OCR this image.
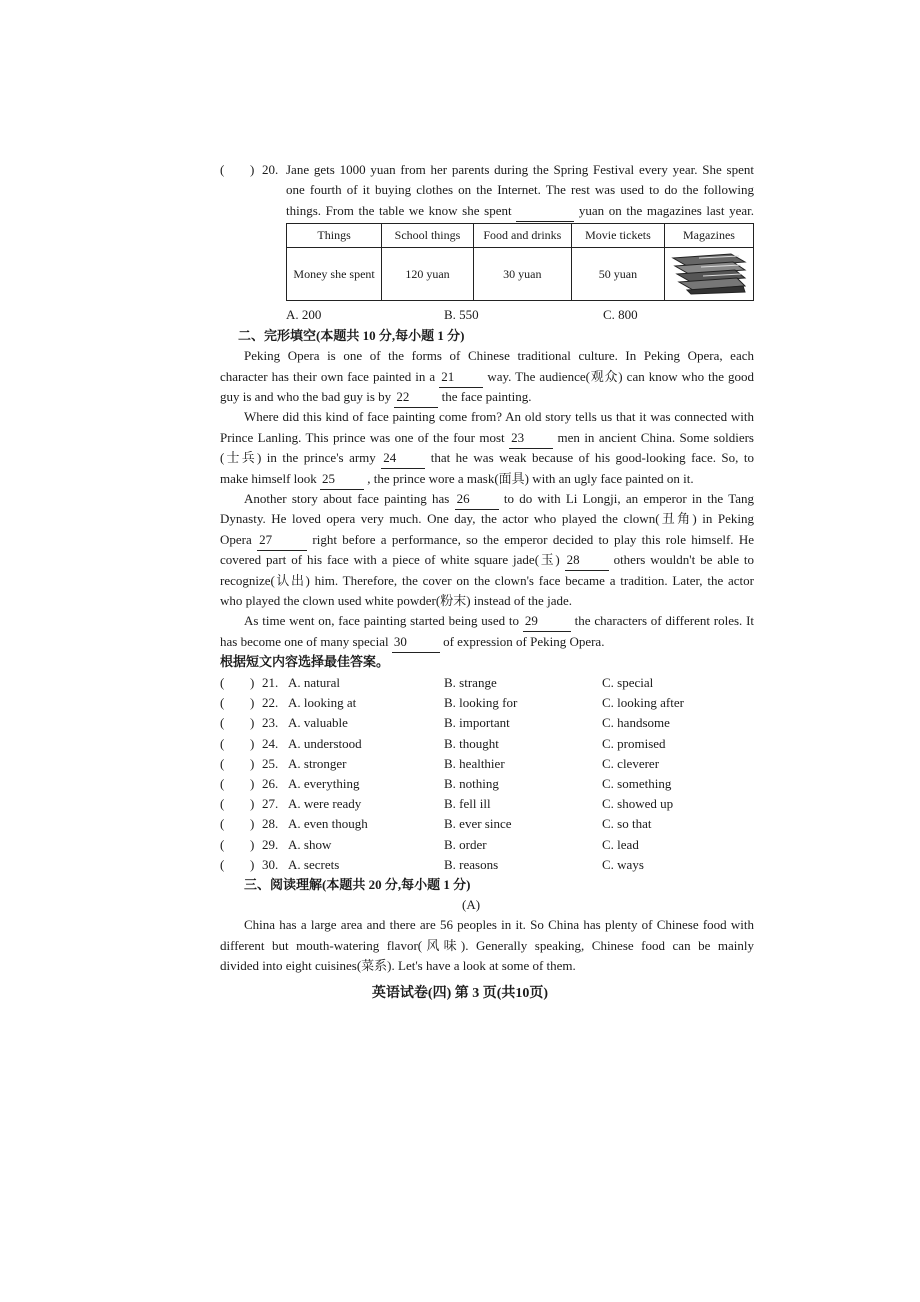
( ) 20. Jane gets 1000 yuan from her parents during the Spring Festival every year. She spent
one fourth of it buying clothes on the Internet. The rest was used to do the following
things. From the table we know she spent	yuan on the magazines last year.
Things	School things	Food and drinks	Movie tickets	Magazines
Money she spent	120 yuan	30 yuan	50 yuan	
A. 200	B. 550	C. 800
二、完形填空(本题共 10 分,每小题 1 分)
Peking Opera is one of the forms of Chinese traditional culture. In Peking Opera, each
character has their own face painted in a 21	way. The audience(观众) can know who the good
guy is and who the bad guy is by 22 the face painting.
Where did this kind of face painting come from? An old story tells us that it was connected with
Prince Lanling. This prince was one of the four most 23	men in ancient China. Some soldiers
(士兵) in the prince's army 24	that he was weak because of his good-looking face. So, to
make himself look 25 , the prince wore a mask(面具) with an ugly face painted on it.
Another story about face painting has 26	to do with Li Longji, an emperor in the Tang
Dynasty. He loved opera very much. One day, the actor who played the clown(丑角) in Peking
Opera 27	right before a performance, so the emperor decided to play this role himself. He
covered part of his face with a piece of white square jade(玉) 28	others wouldn't be able to
recognize(认出) him. Therefore, the cover on the clown's face became a tradition. Later, the actor
who played the clown used white powder(粉末) instead of the jade.
As time went on, face painting started being used to 29	the characters of different roles. It
has become one of many special 30	of expression of Peking Opera.
根据短文内容选择最佳答案。
( ) 21. A. natural	B. strange	C. special
( ) 22. A. looking at	B. looking for	C. looking after
( ) 23. A. valuable	B. important	C. handsome
( ) 24. A. understood	B. thought	C. promised
( ) 25. A. stronger	B. healthier	C. cleverer
( ) 26. A. everything	B. nothing	C. something
( ) 27. A. were ready	B. fell ill	C. showed up
( ) 28. A. even though	B. ever since	C. so that
( ) 29. A. show	B. order	C. lead
( ) 30. A. secrets	B. reasons	C. ways
三、阅读理解(本题共 20 分,每小题 1 分)
(A)
China has a large area and there are 56 peoples in it. So China has plenty of Chinese food with
different but mouth-watering flavor(风味). Generally speaking, Chinese food can be mainly
divided into eight cuisines(菜系). Let's have a look at some of them.
英语试卷(四) 第 3 页(共10页)
